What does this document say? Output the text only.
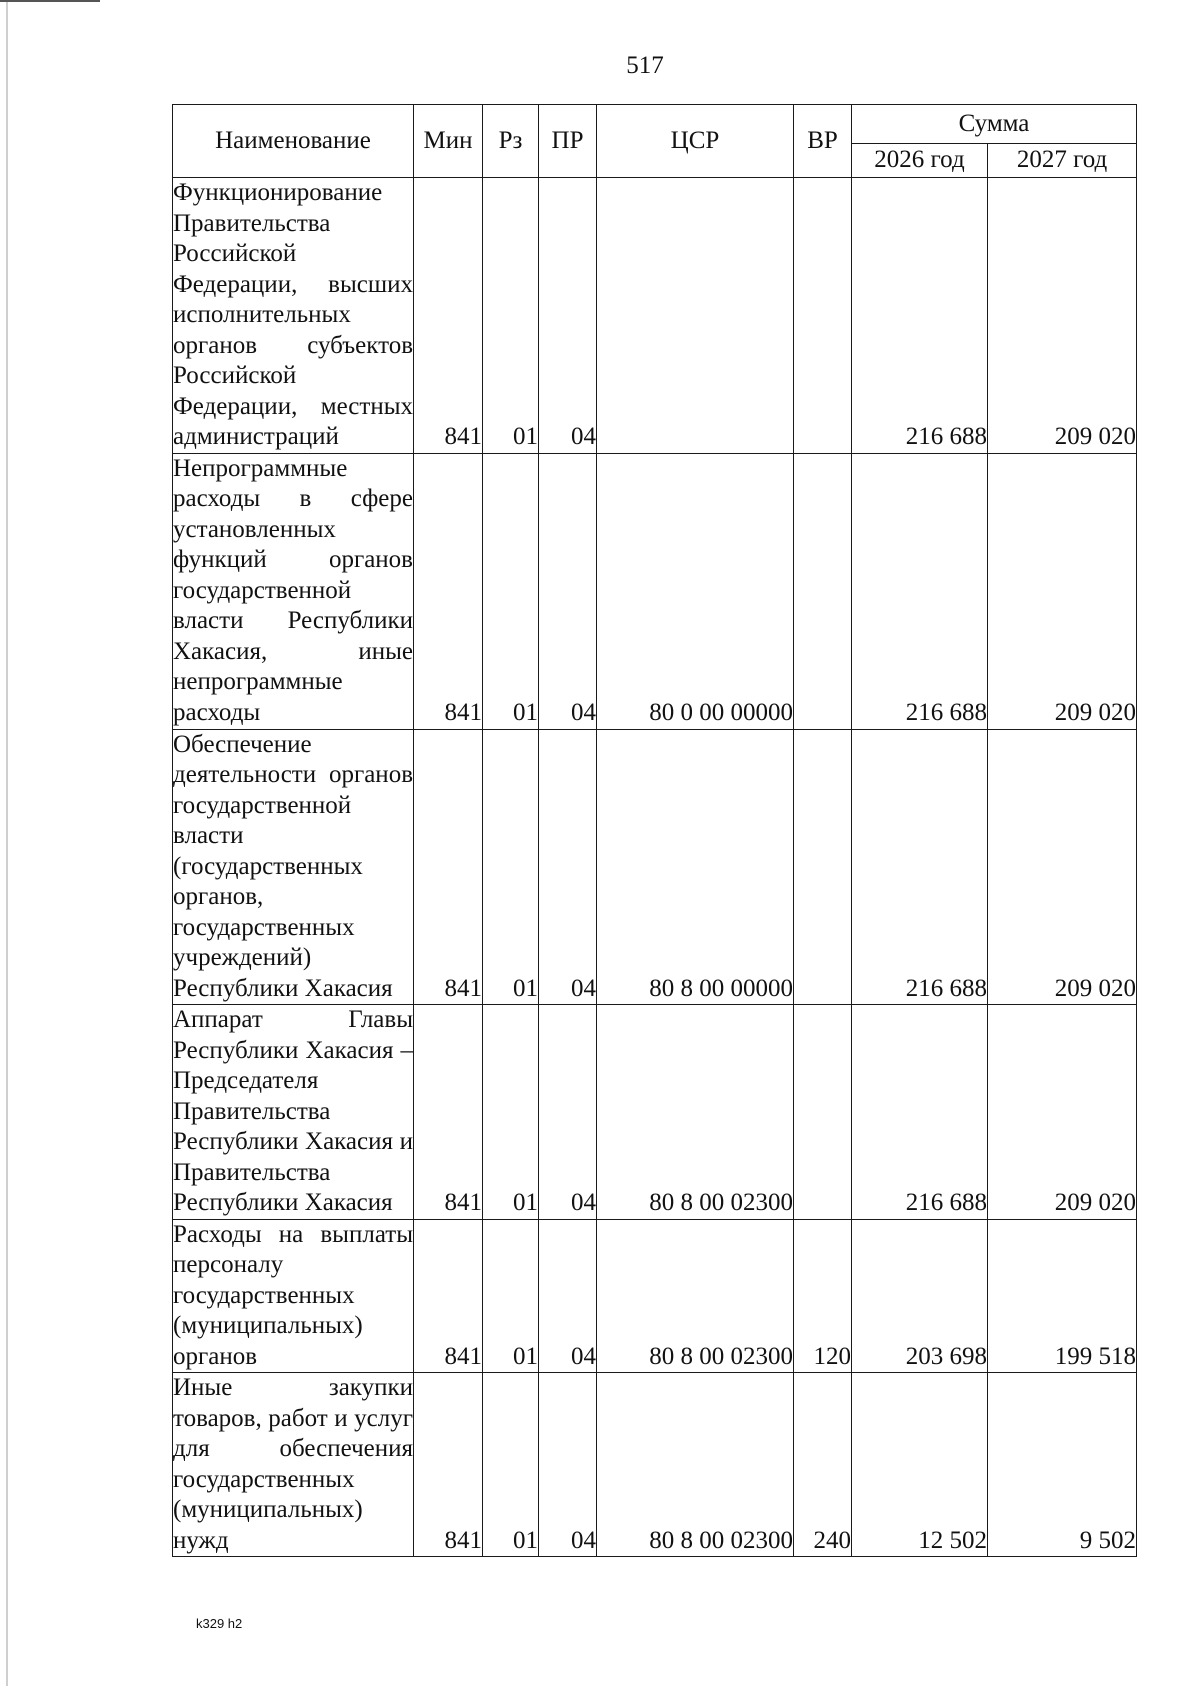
517
Наименование	Мин	Рз	ПР	ЦСР	ВР	Сумма	
						2026 год	2027 год
Функционирование Правительства Российской Федерации, высших исполнительных органов субъектов Российской Федерации, местных администраций	841	01	04			216 688	209 020
Непрограммные расходы в сфере установленных функций органов государственной власти Республики Хакасия, иные непрограммные расходы	841	01	04	80 0 00 00000		216 688	209 020
Обеспечение деятельности органов государственной власти (государственных органов, государственных учреждений) Республики Хакасия	841	01	04	80 8 00 00000		216 688	209 020
Аппарат Главы Республики Хакасия – Председателя Правительства Республики Хакасия и Правительства Республики Хакасия	841	01	04	80 8 00 02300		216 688	209 020
Расходы на выплаты персоналу государственных (муниципальных) органов	841	01	04	80 8 00 02300	120	203 698	199 518
Иные закупки товаров, работ и услуг для обеспечения государственных (муниципальных) нужд	841	01	04	80 8 00 02300	240	12 502	9 502
k329 h2
